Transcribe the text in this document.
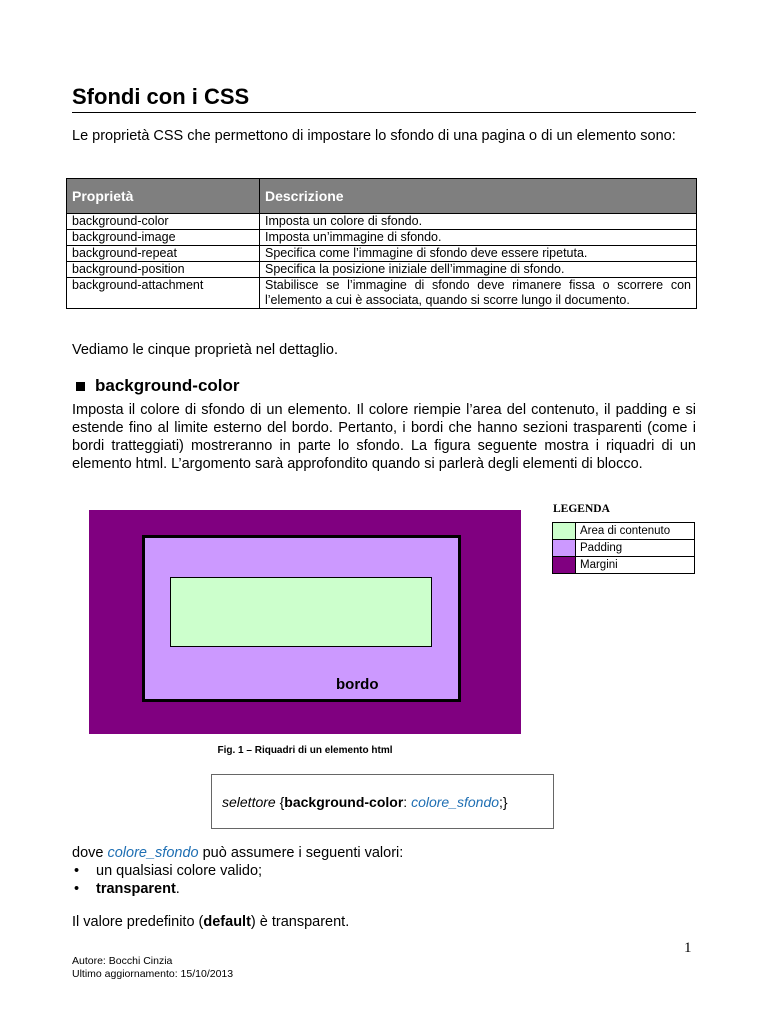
Sfondi con i CSS
Le proprietà CSS che permettono di impostare lo sfondo di una pagina o di un elemento sono:
Proprietà	Descrizione
background-color	Imposta un colore di sfondo.
background-image	Imposta un’immagine di sfondo.
background-repeat	Specifica come l’immagine di sfondo deve essere ripetuta.
background-position	Specifica la posizione iniziale dell’immagine di sfondo.
background-attachment	Stabilisce se l’immagine di sfondo deve rimanere fissa o scorrere con l’elemento a cui è associata, quando si scorre lungo il documento.
Vediamo le cinque proprietà nel dettaglio.
background-color
Imposta il colore di sfondo di un elemento. Il colore riempie l’area del contenuto, il padding e si estende fino al limite esterno del bordo. Pertanto, i bordi che hanno sezioni trasparenti (come i bordi tratteggiati) mostreranno in parte lo sfondo. La figura seguente mostra i riquadri di un elemento html. L’argomento sarà approfondito quando si parlerà degli elementi di blocco.
bordo
LEGENDA
	Area di contenuto
	Padding
	Margini
Fig. 1 – Riquadri di un elemento html
selettore {background-color: colore_sfondo;}
dove colore_sfondo può assumere i seguenti valori:
• un qualsiasi colore valido;
• transparent.
Il valore predefinito (default) è transparent.
1
Autore: Bocchi Cinzia
Ultimo aggiornamento: 15/10/2013
